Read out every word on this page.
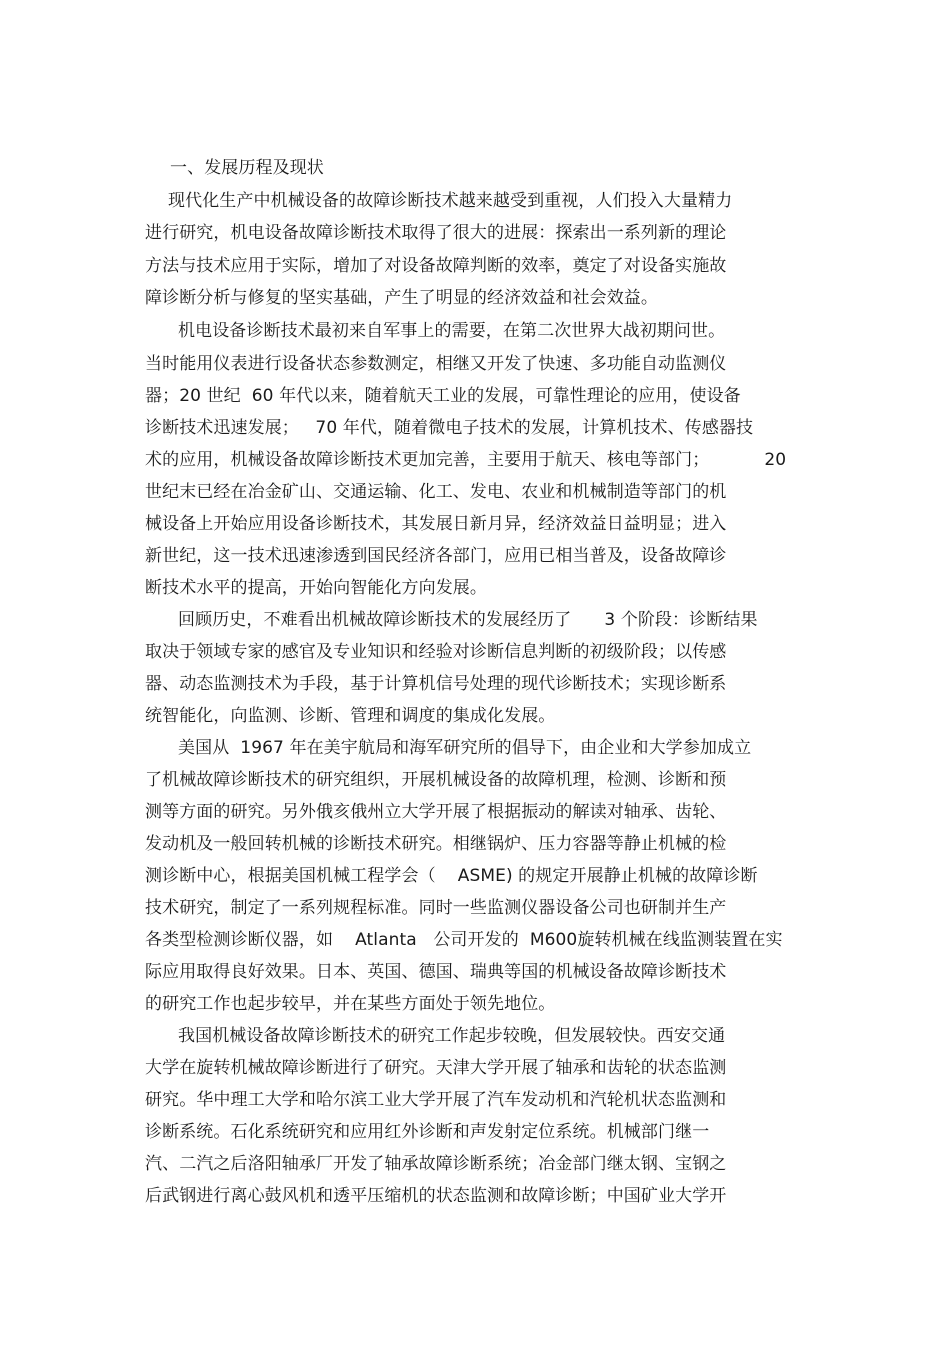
一、发展历程及现状
现代化生产中机械设备的故障诊断技术越来越受到重视，人们投入大量精力
进行研究，机电设备故障诊断技术取得了很大的进展：探索出一系列新的理论
方法与技术应用于实际，增加了对设备故障判断的效率，奠定了对设备实施故
障诊断分析与修复的坚实基础，产生了明显的经济效益和社会效益。
机电设备诊断技术最初来自军事上的需要，在第二次世界大战初期问世。
当时能用仪表进行设备状态参数测定，相继又开发了快速、多功能自动监测仪
器；20 世纪  60 年代以来，随着航天工业的发展，可靠性理论的应用，使设备
诊断技术迅速发展；   70 年代，随着微电子技术的发展，计算机技术、传感器技
术的应用，机械设备故障诊断技术更加完善，主要用于航天、核电等部门；          20
世纪末已经在冶金矿山、交通运输、化工、发电、农业和机械制造等部门的机
械设备上开始应用设备诊断技术，其发展日新月异，经济效益日益明显；进入
新世纪，这一技术迅速渗透到国民经济各部门，应用已相当普及，设备故障诊
断技术水平的提高，开始向智能化方向发展。
回顾历史，不难看出机械故障诊断技术的发展经历了      3 个阶段：诊断结果
取决于领域专家的感官及专业知识和经验对诊断信息判断的初级阶段；以传感
器、动态监测技术为手段，基于计算机信号处理的现代诊断技术；实现诊断系
统智能化，向监测、诊断、管理和调度的集成化发展。
美国从  1967 年在美宇航局和海军研究所的倡导下，由企业和大学参加成立
了机械故障诊断技术的研究组织，开展机械设备的故障机理，检测、诊断和预
测等方面的研究。另外俄亥俄州立大学开展了根据振动的解读对轴承、齿轮、
发动机及一般回转机械的诊断技术研究。相继锅炉、压力容器等静止机械的检
测诊断中心，根据美国机械工程学会（    ASME) 的规定开展静止机械的故障诊断
技术研究，制定了一系列规程标准。同时一些监测仪器设备公司也研制并生产
各类型检测诊断仪器，如    Atlanta   公司开发的  M600旋转机械在线监测装置在实
际应用取得良好效果。日本、英国、德国、瑞典等国的机械设备故障诊断技术
的研究工作也起步较早，并在某些方面处于领先地位。
我国机械设备故障诊断技术的研究工作起步较晚，但发展较快。西安交通
大学在旋转机械故障诊断进行了研究。天津大学开展了轴承和齿轮的状态监测
研究。华中理工大学和哈尔滨工业大学开展了汽车发动机和汽轮机状态监测和
诊断系统。石化系统研究和应用红外诊断和声发射定位系统。机械部门继一
汽、二汽之后洛阳轴承厂开发了轴承故障诊断系统；冶金部门继太钢、宝钢之
后武钢进行离心鼓风机和透平压缩机的状态监测和故障诊断；中国矿业大学开
